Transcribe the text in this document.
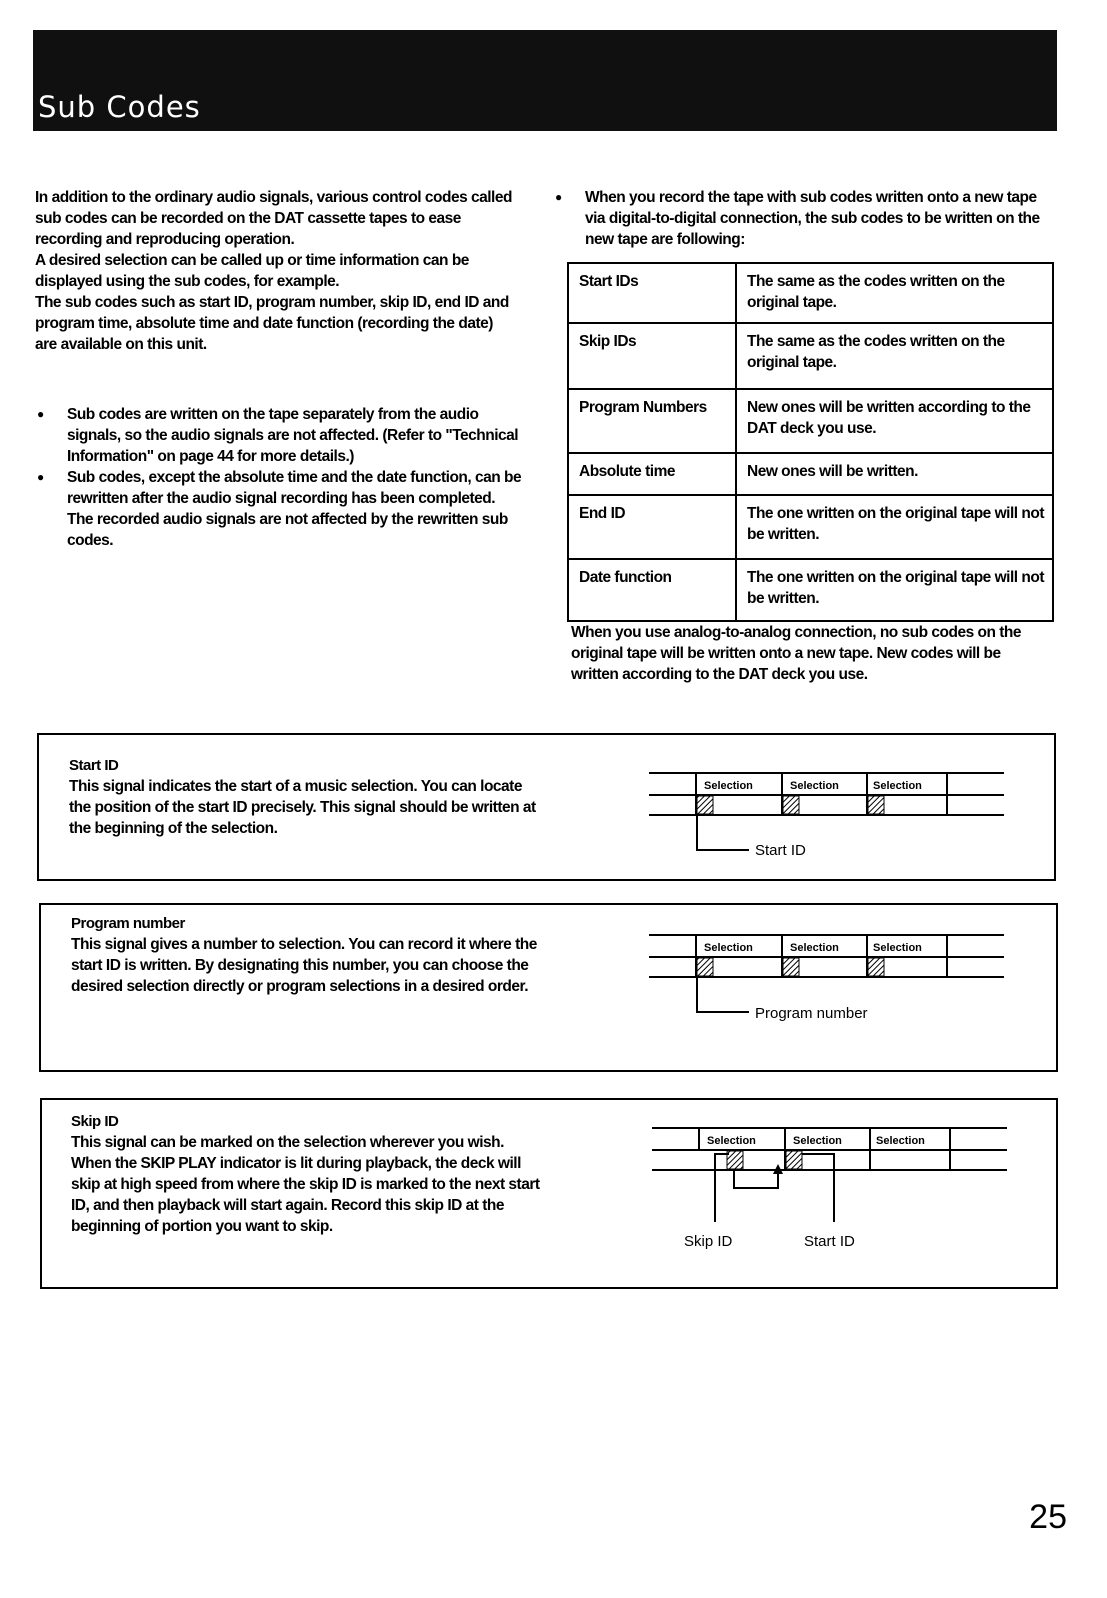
Sub Codes

In addition to the ordinary audio signals, various control codes called sub codes can be recorded on the DAT cassette tapes to ease recording and reproducing operation.

A desired selection can be called up or time information can be displayed using the sub codes, for example.

The sub codes such as start ID, program number, skip ID, end ID and program time, absolute time and date function (recording the date) are available on this unit.

● Sub codes are written on the tape separately from the audio signals, so the audio signals are not affected. (Refer to "Technical Information" on page 44 for more details.)
● Sub codes, except the absolute time and the date function, can be rewritten after the audio signal recording has been completed.
The recorded audio signals are not affected by the rewritten sub codes.
● When you record the tape with sub codes written onto a new tape via digital-to-digital connection, the sub codes to be written on the new tape are following:
Start IDs	The same as the codes written on the original tape.
Skip IDs	The same as the codes written on the original tape.
Program Numbers	New ones will be written according to the DAT deck you use.
Absolute time	New ones will be written.
End ID	The one written on the original tape will not be written.
Date function	The one written on the original tape will not be written.
When you use analog-to-analog connection, no sub codes on the original tape will be written onto a new tape. New codes will be written according to the DAT deck you use.
Start ID
This signal indicates the start of a music selection. You can locate the position of the start ID precisely. This signal should be written at the beginning of the selection.
Selection	Selection	Selection
Start ID
Program number
This signal gives a number to selection. You can record it where the start ID is written. By designating this number, you can choose the desired selection directly or program selections in a desired order.
Selection	Selection	Selection
Program number
Skip ID
This signal can be marked on the selection wherever you wish. When the SKIP PLAY indicator is lit during playback, the deck will skip at high speed from where the skip ID is marked to the next start ID, and then playback will start again. Record this skip ID at the beginning of portion you want to skip.
Selection	Selection	Selection
Skip ID	Start ID
25
